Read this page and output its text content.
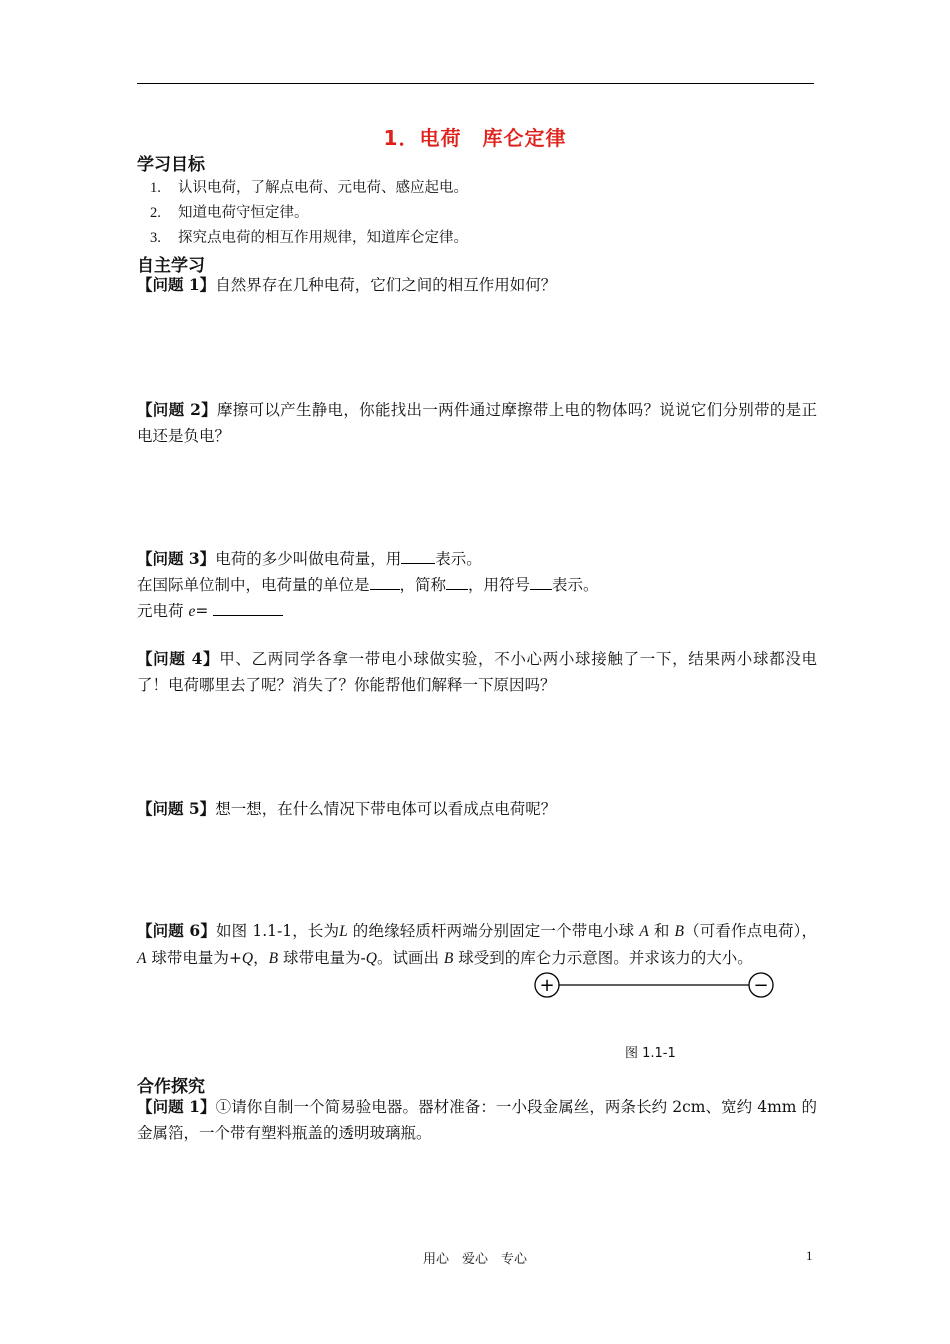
1．电荷　库仑定律
学习目标
1. 认识电荷，了解点电荷、元电荷、感应起电。
2. 知道电荷守恒定律。
3. 探究点电荷的相互作用规律，知道库仑定律。
自主学习
【问题 1】自然界存在几种电荷，它们之间的相互作用如何？
【问题 2】摩擦可以产生静电，你能找出一两件通过摩擦带上电的物体吗？说说它们分别带的是正电还是负电？
【问题 3】电荷的多少叫做电荷量，用 表示。
在国际单位制中，电荷量的单位是 ，简称 ，用符号 表示。
元电荷 e=
【问题 4】甲、乙两同学各拿一带电小球做实验，不小心两小球接触了一下，结果两小球都没电了！电荷哪里去了呢？消失了？你能帮他们解释一下原因吗？
【问题 5】想一想，在什么情况下带电体可以看成点电荷呢？
【问题 6】如图 1.1-1，长为L 的绝缘轻质杆两端分别固定一个带电小球 A 和 B（可看作点电荷），A 球带电量为+Q，B 球带电量为-Q。试画出 B 球受到的库仑力示意图。并求该力的大小。
+	−
图 1.1-1
合作探究
【问题 1】①请你自制一个简易验电器。器材准备：一小段金属丝，两条长约 2cm、宽约 4mm 的金属箔，一个带有塑料瓶盖的透明玻璃瓶。
用心　爱心　专心	1
